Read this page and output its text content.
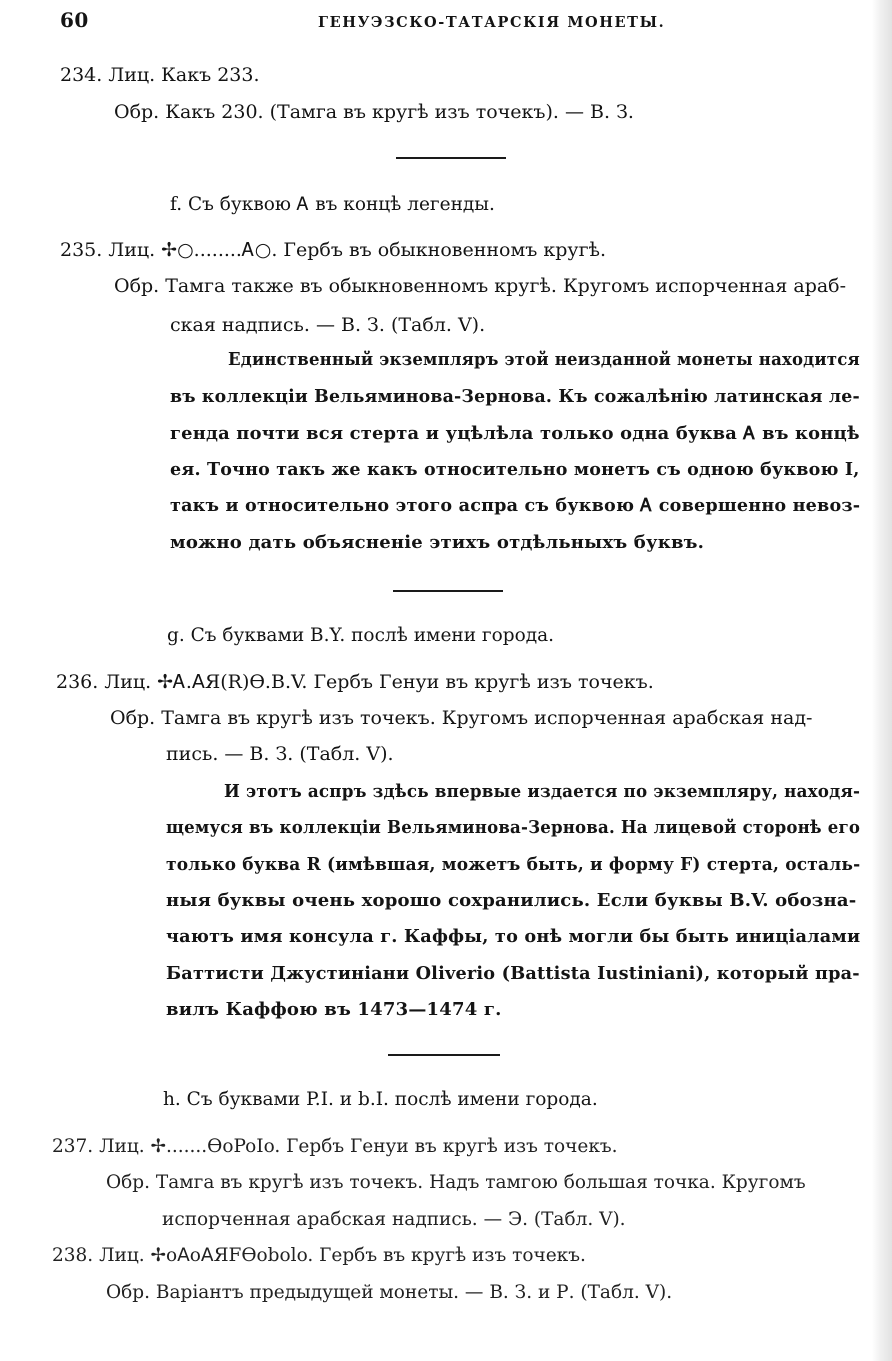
60	ГЕНУЭЗСКО-ТАТАРСКІЯ МОНЕТЫ.
234. Лиц. Какъ 233.
Обр. Какъ 230. (Тамга въ кругѣ изъ точекъ). — В. З.
f. Съ буквою Ꭺ въ концѣ легенды.
235. Лиц. ✢○........Ꭺ○. Гербъ въ обыкновенномъ кругѣ.
Обр. Тамга также въ обыкновенномъ кругѣ. Кругомъ испорченная араб-
ская надпись. — В. З. (Табл. V).
Единственный экземпляръ этой неизданной монеты находится
въ коллекціи Вельяминова-Зернова. Къ сожалѣнію латинская ле-
генда почти вся стерта и уцѣлѣла только одна буква Ꭺ въ концѣ
ея. Точно такъ же какъ относительно монетъ съ одною буквою Ⅰ,
такъ и относительно этого аспра съ буквою Ꭺ совершенно невоз-
можно дать объясненіе этихъ отдѣльныхъ буквъ.
g. Съ буквами B.Y. послѣ имени города.
236. Лиц. ✢Ꭺ.ꓮЯ(R)ϴ.B.V. Гербъ Генуи въ кругѣ изъ точекъ.
Обр. Тамга въ кругѣ изъ точекъ. Кругомъ испорченная арабская над-
пись. — В. З. (Табл. V).
И этотъ аспръ здѣсь впервые издается по экземпляру, находя-
щемуся въ коллекціи Вельяминова-Зернова. На лицевой сторонѣ его
только буква R (имѣвшая, можетъ быть, и форму F) стерта, осталь-
ныя буквы очень хорошо сохранились. Если буквы B.V. обозна-
чаютъ имя консула г. Каффы, то онѣ могли бы быть иниціалами
Баттисти Джустиніани Oliverio (Battista Iustiniani), который пра-
вилъ Каффою въ 1473—1474 г.
h. Съ буквами P.I. и b.I. послѣ имени города.
237. Лиц. ✢.......ϴoPoIo. Гербъ Генуи въ кругѣ изъ точекъ.
Обр. Тамга въ кругѣ изъ точекъ. Надъ тамгою большая точка. Кругомъ
испорченная арабская надпись. — Э. (Табл. V).
238. Лиц. ✢oꓮoꓮЯFϴobolo. Гербъ въ кругѣ изъ точекъ.
Обр. Варіантъ предыдущей монеты. — В. З. и Р. (Табл. V).
